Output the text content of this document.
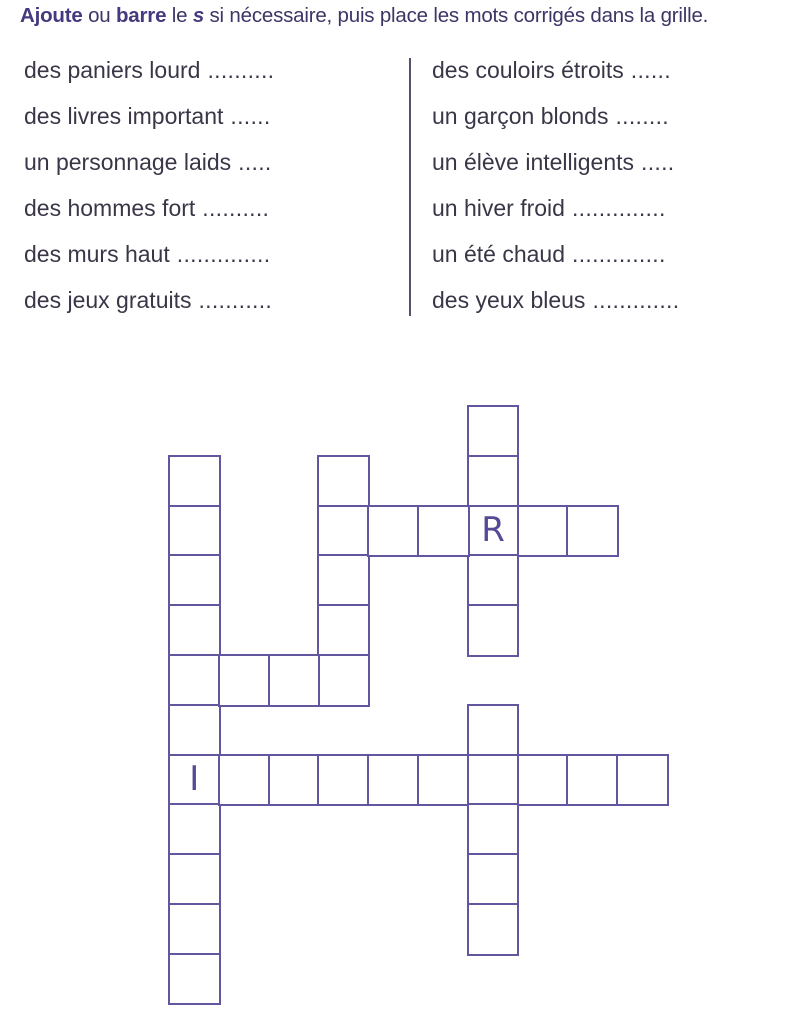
Ajoute ou barre le s si nécessaire, puis place les mots corrigés dans la grille.
des paniers lourd ..........
des livres important ......
un personnage laids .....
des hommes fort ..........
des murs haut ..............
des jeux gratuits ...........
des couloirs étroits ......
un garçon blonds ........
un élève intelligents .....
un hiver froid ..............
un été chaud ..............
des yeux bleus .............
I
R
